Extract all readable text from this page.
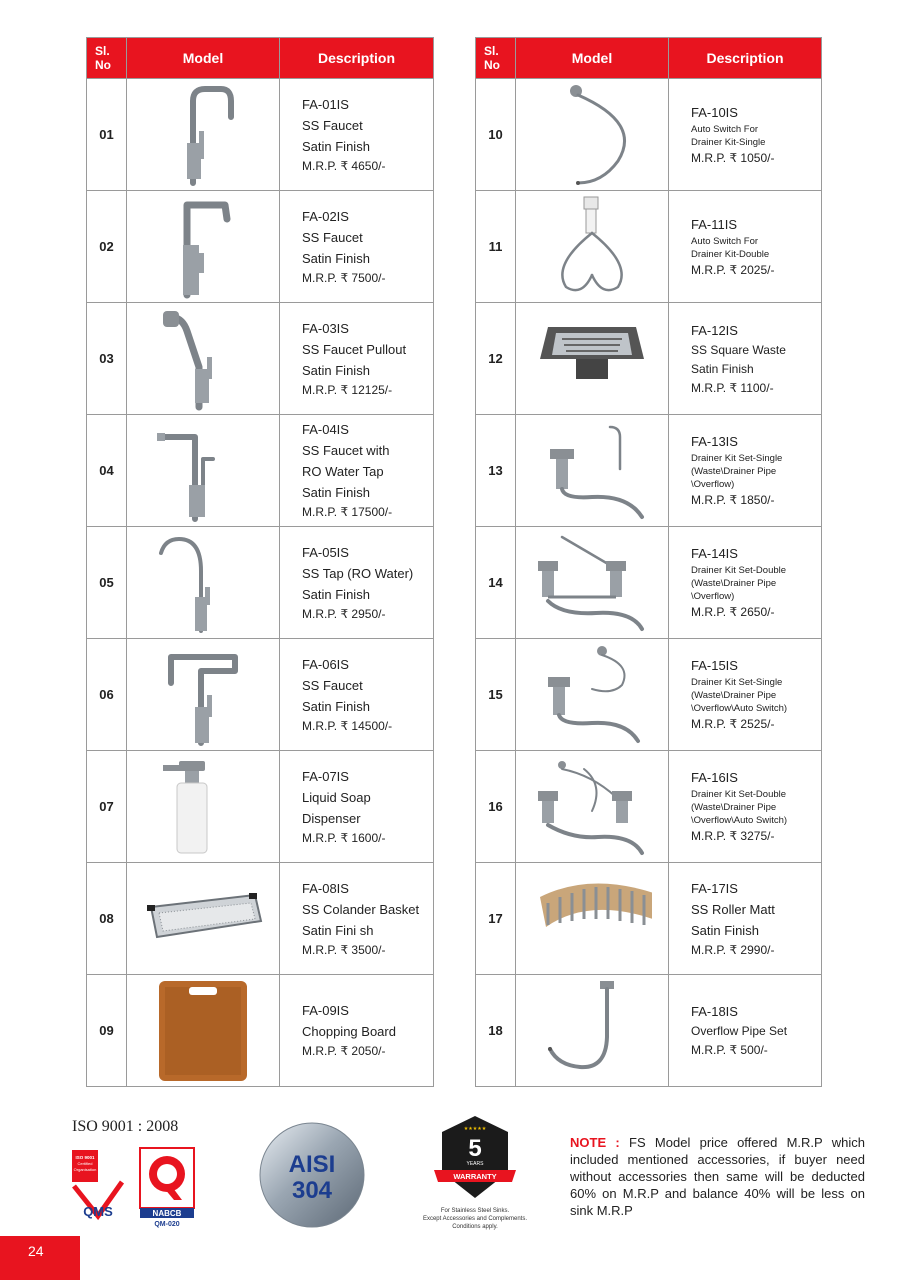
Sl.
No	Model	Description
01		FA-01IS
SS Faucet
Satin Finish
M.R.P. ₹ 4650/-

02		FA-02IS
SS Faucet
Satin Finish
M.R.P. ₹ 7500/-

03		FA-03IS
SS Faucet Pullout
Satin Finish
M.R.P. ₹ 12125/-

04		FA-04IS
SS Faucet with
RO Water Tap
Satin Finish
M.R.P. ₹ 17500/-

05		FA-05IS
SS Tap (RO Water)
Satin Finish
M.R.P. ₹ 2950/-

06		FA-06IS
SS Faucet
Satin Finish
M.R.P. ₹ 14500/-

07		FA-07IS
Liquid Soap
Dispenser
M.R.P. ₹ 1600/-

08		FA-08IS
SS Colander Basket
Satin Fini sh
M.R.P. ₹ 3500/-

09		FA-09IS
Chopping Board
M.R.P. ₹ 2050/-
Sl.
No	Model	Description
10		FA-10IS
Auto Switch For
Drainer Kit-Single
M.R.P. ₹ 1050/-

11		FA-11IS
Auto Switch For
Drainer Kit-Double
M.R.P. ₹ 2025/-

12		FA-12IS
SS Square Waste
Satin Finish
M.R.P. ₹ 1100/-

13		FA-13IS
Drainer Kit Set-Single
(Waste\Drainer Pipe
\Overflow)
M.R.P. ₹ 1850/-

14		FA-14IS
Drainer Kit Set-Double
(Waste\Drainer Pipe
\Overflow)
M.R.P. ₹ 2650/-

15		FA-15IS
Drainer Kit Set-Single
(Waste\Drainer Pipe
\Overflow\Auto Switch)
M.R.P. ₹ 2525/-

16		FA-16IS
Drainer Kit Set-Double
(Waste\Drainer Pipe
\Overflow\Auto Switch)
M.R.P. ₹ 3275/-

17		FA-17IS
SS Roller Matt
Satin Finish
M.R.P. ₹ 2990/-

18		FA-18IS
Overflow Pipe Set
M.R.P. ₹ 500/-
ISO 9001 : 2008
ISO 9001
Certified
Organisation
QMS	NABCB
QM-020
AISI
304
★★★★★
5
YEARS
WARRANTY
For Stainless Steel Sinks.
Except Accessories and Complements.
Conditions apply.
NOTE : FS Model price offered M.R.P which included mentioned accessories, if buyer need without accessories then same will be deducted 60% on M.R.P and balance 40% will be less on sink M.R.P
24
